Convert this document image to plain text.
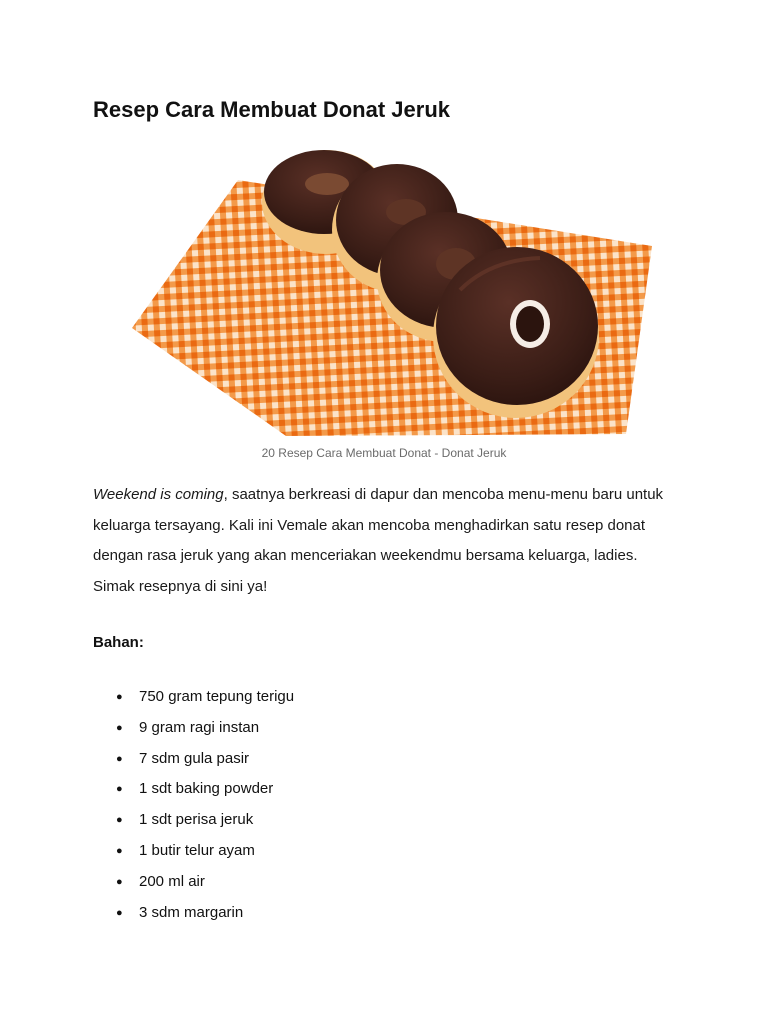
Resep Cara Membuat Donat Jeruk
20 Resep Cara Membuat Donat - Donat Jeruk

Weekend is coming, saatnya berkreasi di dapur dan mencoba menu-menu baru untuk keluarga tersayang. Kali ini Vemale akan mencoba menghadirkan satu resep donat dengan rasa jeruk yang akan menceriakan weekendmu bersama keluarga, ladies. Simak resepnya di sini ya!

Bahan:

● 750 gram tepung terigu
● 9 gram ragi instan
● 7 sdm gula pasir
● 1 sdt baking powder
● 1 sdt perisa jeruk
● 1 butir telur ayam
● 200 ml air
● 3 sdm margarin
